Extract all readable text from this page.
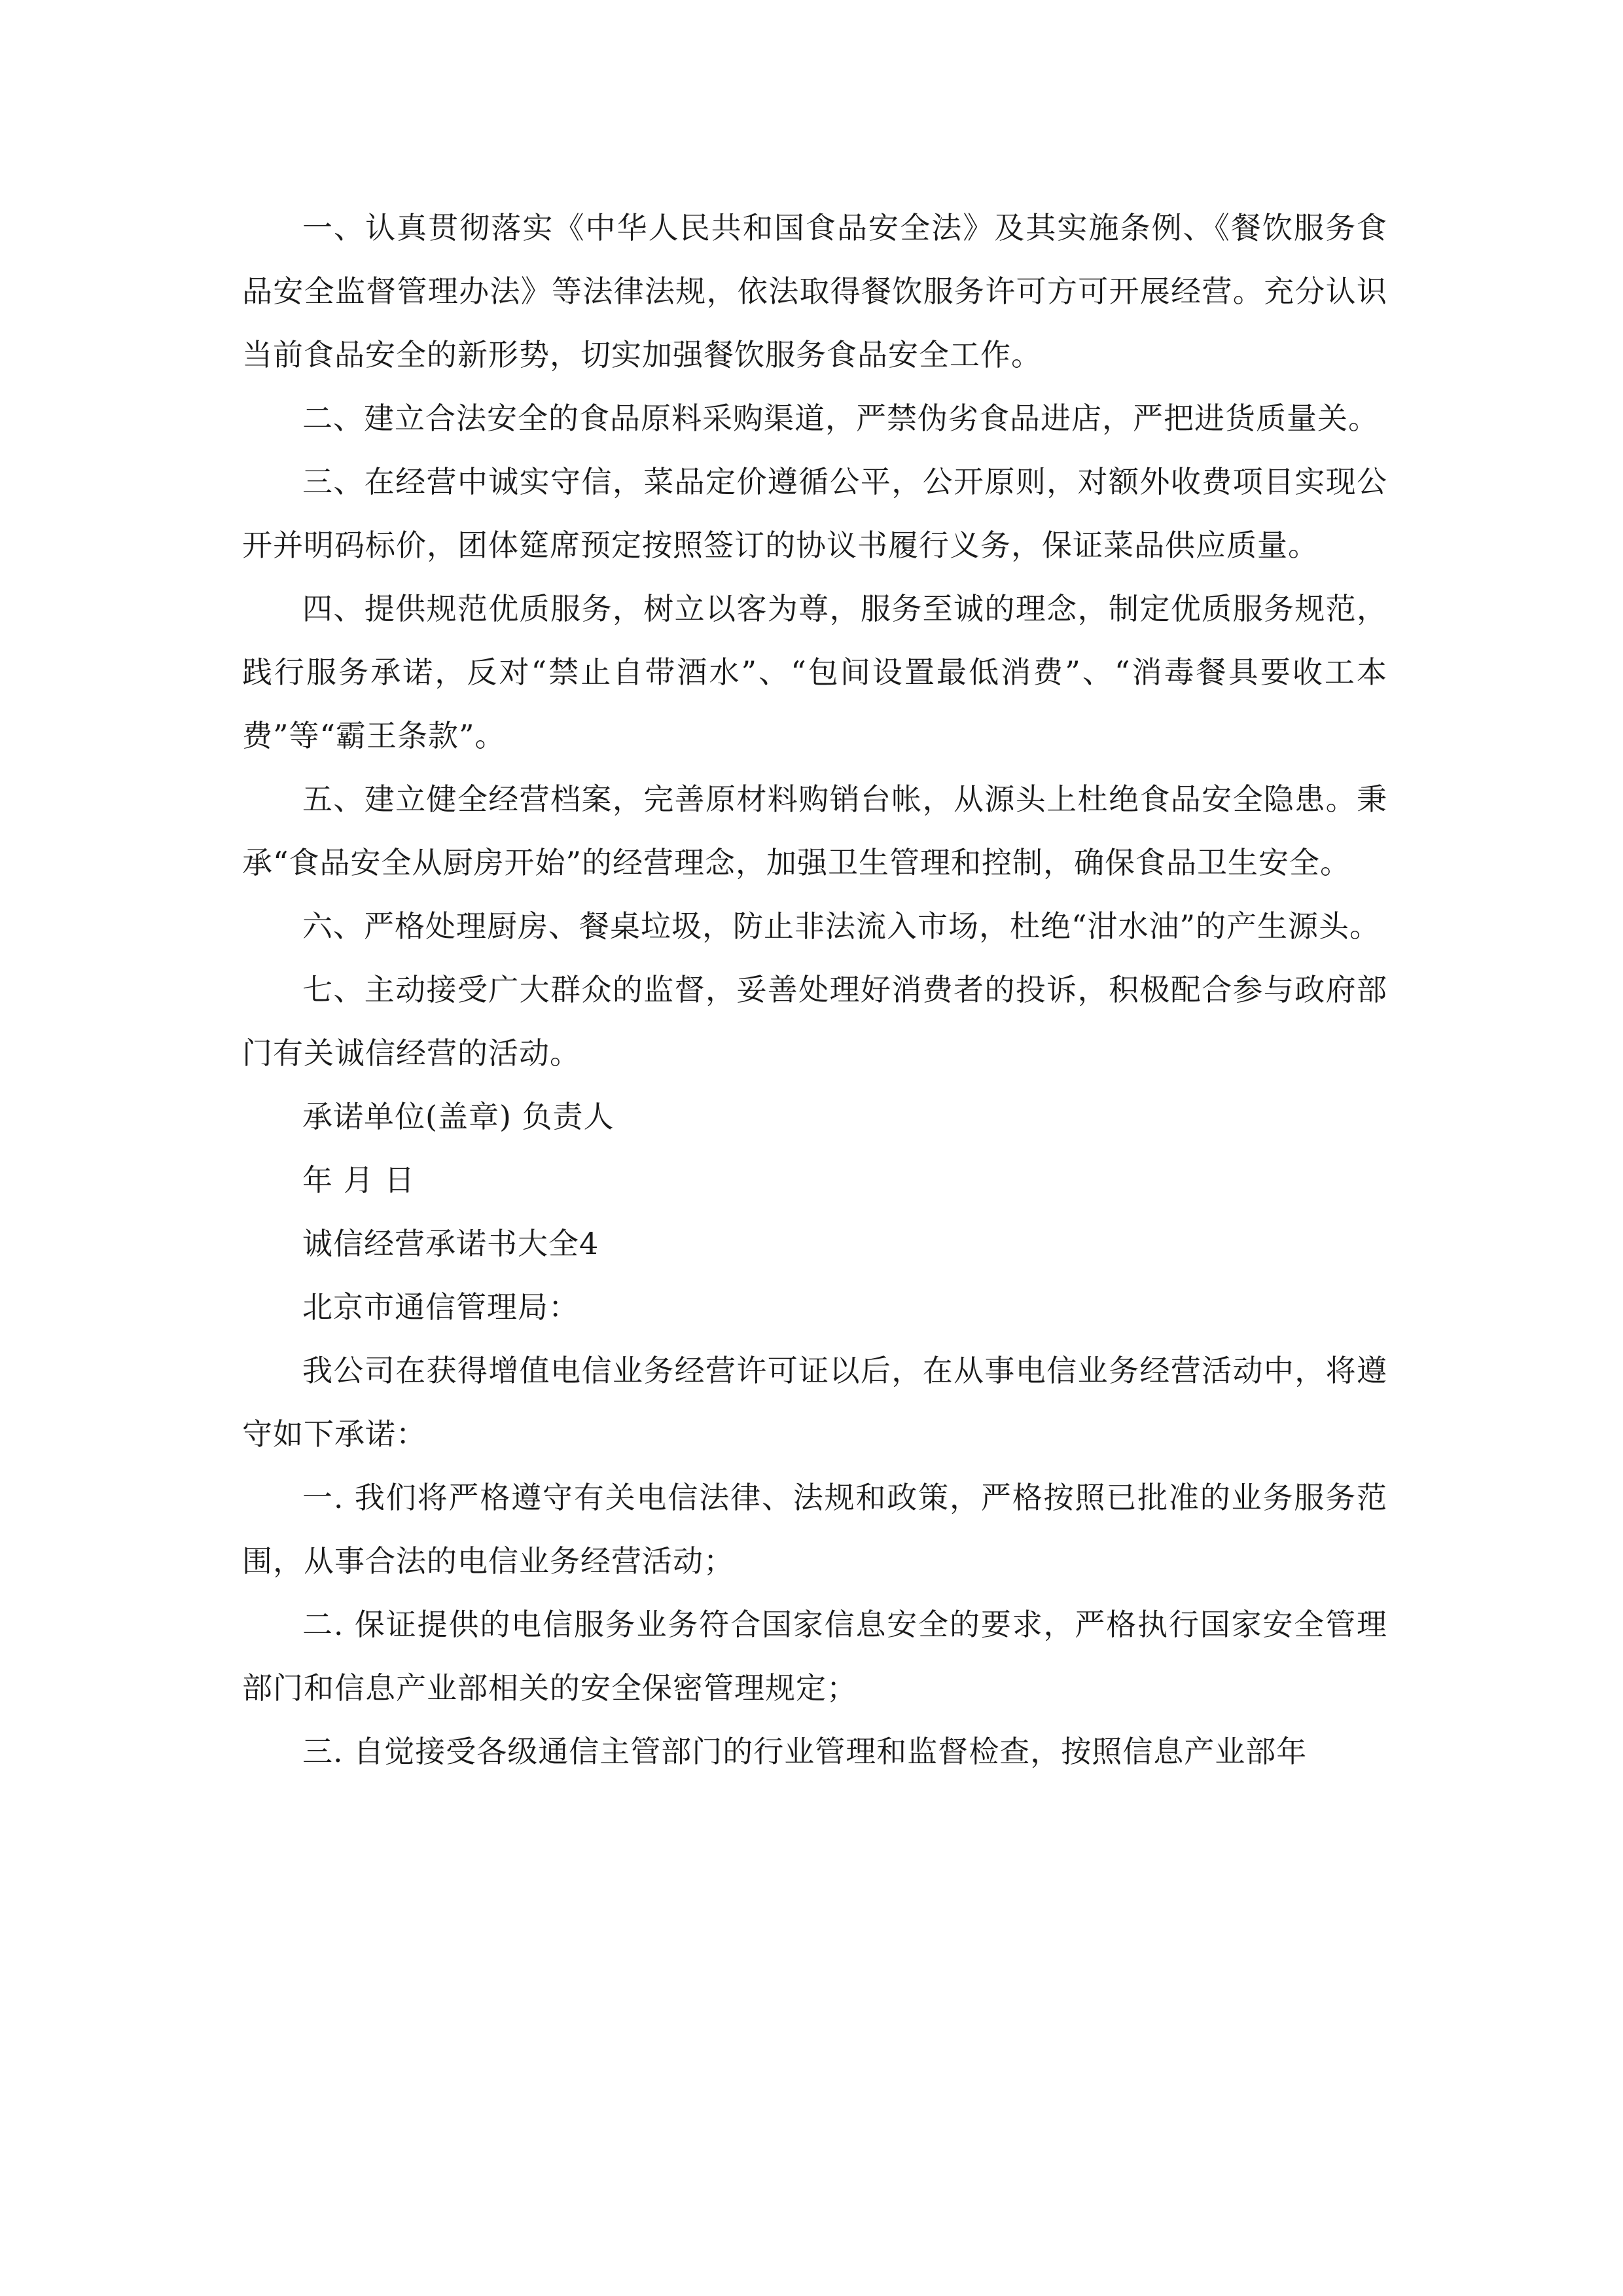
一、认真贯彻落实《中华人民共和国食品安全法》及其实施条例、《餐饮服务食品安全监督管理办法》等法律法规，依法取得餐饮服务许可方可开展经营。充分认识当前食品安全的新形势，切实加强餐饮服务食品安全工作。

二、建立合法安全的食品原料采购渠道，严禁伪劣食品进店，严把进货质量关。

三、在经营中诚实守信，菜品定价遵循公平，公开原则，对额外收费项目实现公开并明码标价，团体筵席预定按照签订的协议书履行义务，保证菜品供应质量。

四、提供规范优质服务，树立以客为尊，服务至诚的理念，制定优质服务规范，践行服务承诺，反对“禁止自带酒水”、“包间设置最低消费”、“消毒餐具要收工本费”等“霸王条款”。

五、建立健全经营档案，完善原材料购销台帐，从源头上杜绝食品安全隐患。秉承“食品安全从厨房开始”的经营理念，加强卫生管理和控制，确保食品卫生安全。

六、严格处理厨房、餐桌垃圾，防止非法流入市场，杜绝“泔水油”的产生源头。

七、主动接受广大群众的监督，妥善处理好消费者的投诉，积极配合参与政府部门有关诚信经营的活动。

承诺单位(盖章) 负责人

年 月 日

诚信经营承诺书大全4

北京市通信管理局：

我公司在获得增值电信业务经营许可证以后，在从事电信业务经营活动中，将遵守如下承诺：

一. 我们将严格遵守有关电信法律、法规和政策，严格按照已批准的业务服务范围，从事合法的电信业务经营活动；

二. 保证提供的电信服务业务符合国家信息安全的要求，严格执行国家安全管理部门和信息产业部相关的安全保密管理规定；

三. 自觉接受各级通信主管部门的行业管理和监督检查，按照信息产业部年
